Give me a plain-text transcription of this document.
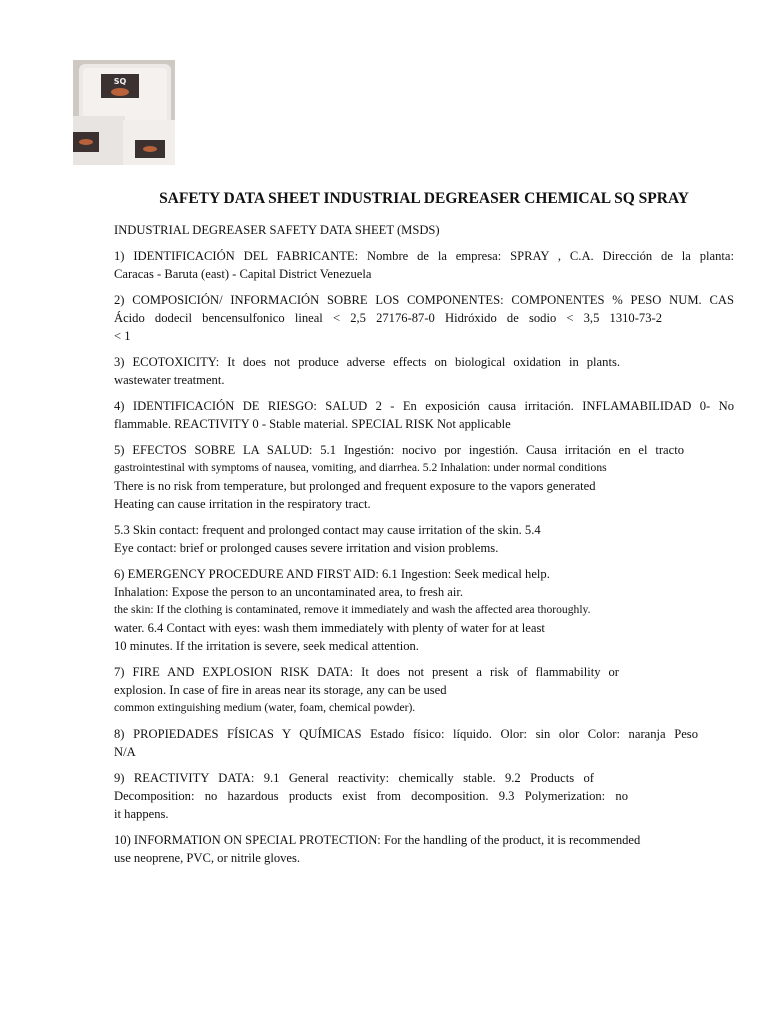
SQ
SAFETY DATA SHEET INDUSTRIAL DEGREASER CHEMICAL SQ SPRAY

INDUSTRIAL DEGREASER SAFETY DATA SHEET (MSDS)

1) IDENTIFICACIÓN DEL FABRICANTE: Nombre de la empresa: SPRAY , C.A. Dirección de la planta:
Caracas - Baruta (east) - Capital District Venezuela

2) COMPOSICIÓN/ INFORMACIÓN SOBRE LOS COMPONENTES: COMPONENTES % PESO NUM. CAS
Ácido dodecil bencensulfonico lineal < 2,5 27176-87-0 Hidróxido de sodio < 3,5 1310-73-2
< 1

3) ECOTOXICITY: It does not produce adverse effects on biological oxidation in plants.
wastewater treatment.

4) IDENTIFICACIÓN DE RIESGO: SALUD 2 - En exposición causa irritación. INFLAMABILIDAD 0- No
flammable. REACTIVITY 0 - Stable material. SPECIAL RISK Not applicable

5) EFECTOS SOBRE LA SALUD: 5.1 Ingestión: nocivo por ingestión. Causa irritación en el tracto
gastrointestinal with symptoms of nausea, vomiting, and diarrhea. 5.2 Inhalation: under normal conditions
There is no risk from temperature, but prolonged and frequent exposure to the vapors generated
Heating can cause irritation in the respiratory tract.

5.3 Skin contact: frequent and prolonged contact may cause irritation of the skin. 5.4
Eye contact: brief or prolonged causes severe irritation and vision problems.

6) EMERGENCY PROCEDURE AND FIRST AID: 6.1 Ingestion: Seek medical help.
Inhalation: Expose the person to an uncontaminated area, to fresh air.
the skin: If the clothing is contaminated, remove it immediately and wash the affected area thoroughly.
water. 6.4 Contact with eyes: wash them immediately with plenty of water for at least
10 minutes. If the irritation is severe, seek medical attention.

7) FIRE AND EXPLOSION RISK DATA: It does not present a risk of flammability or
explosion. In case of fire in areas near its storage, any can be used
common extinguishing medium (water, foam, chemical powder).

8) PROPIEDADES FÍSICAS Y QUÍMICAS Estado físico: líquido. Olor: sin olor Color: naranja Peso
N/A

9) REACTIVITY DATA: 9.1 General reactivity: chemically stable. 9.2 Products of
Decomposition: no hazardous products exist from decomposition. 9.3 Polymerization: no
it happens.

10) INFORMATION ON SPECIAL PROTECTION: For the handling of the product, it is recommended
use neoprene, PVC, or nitrile gloves.
